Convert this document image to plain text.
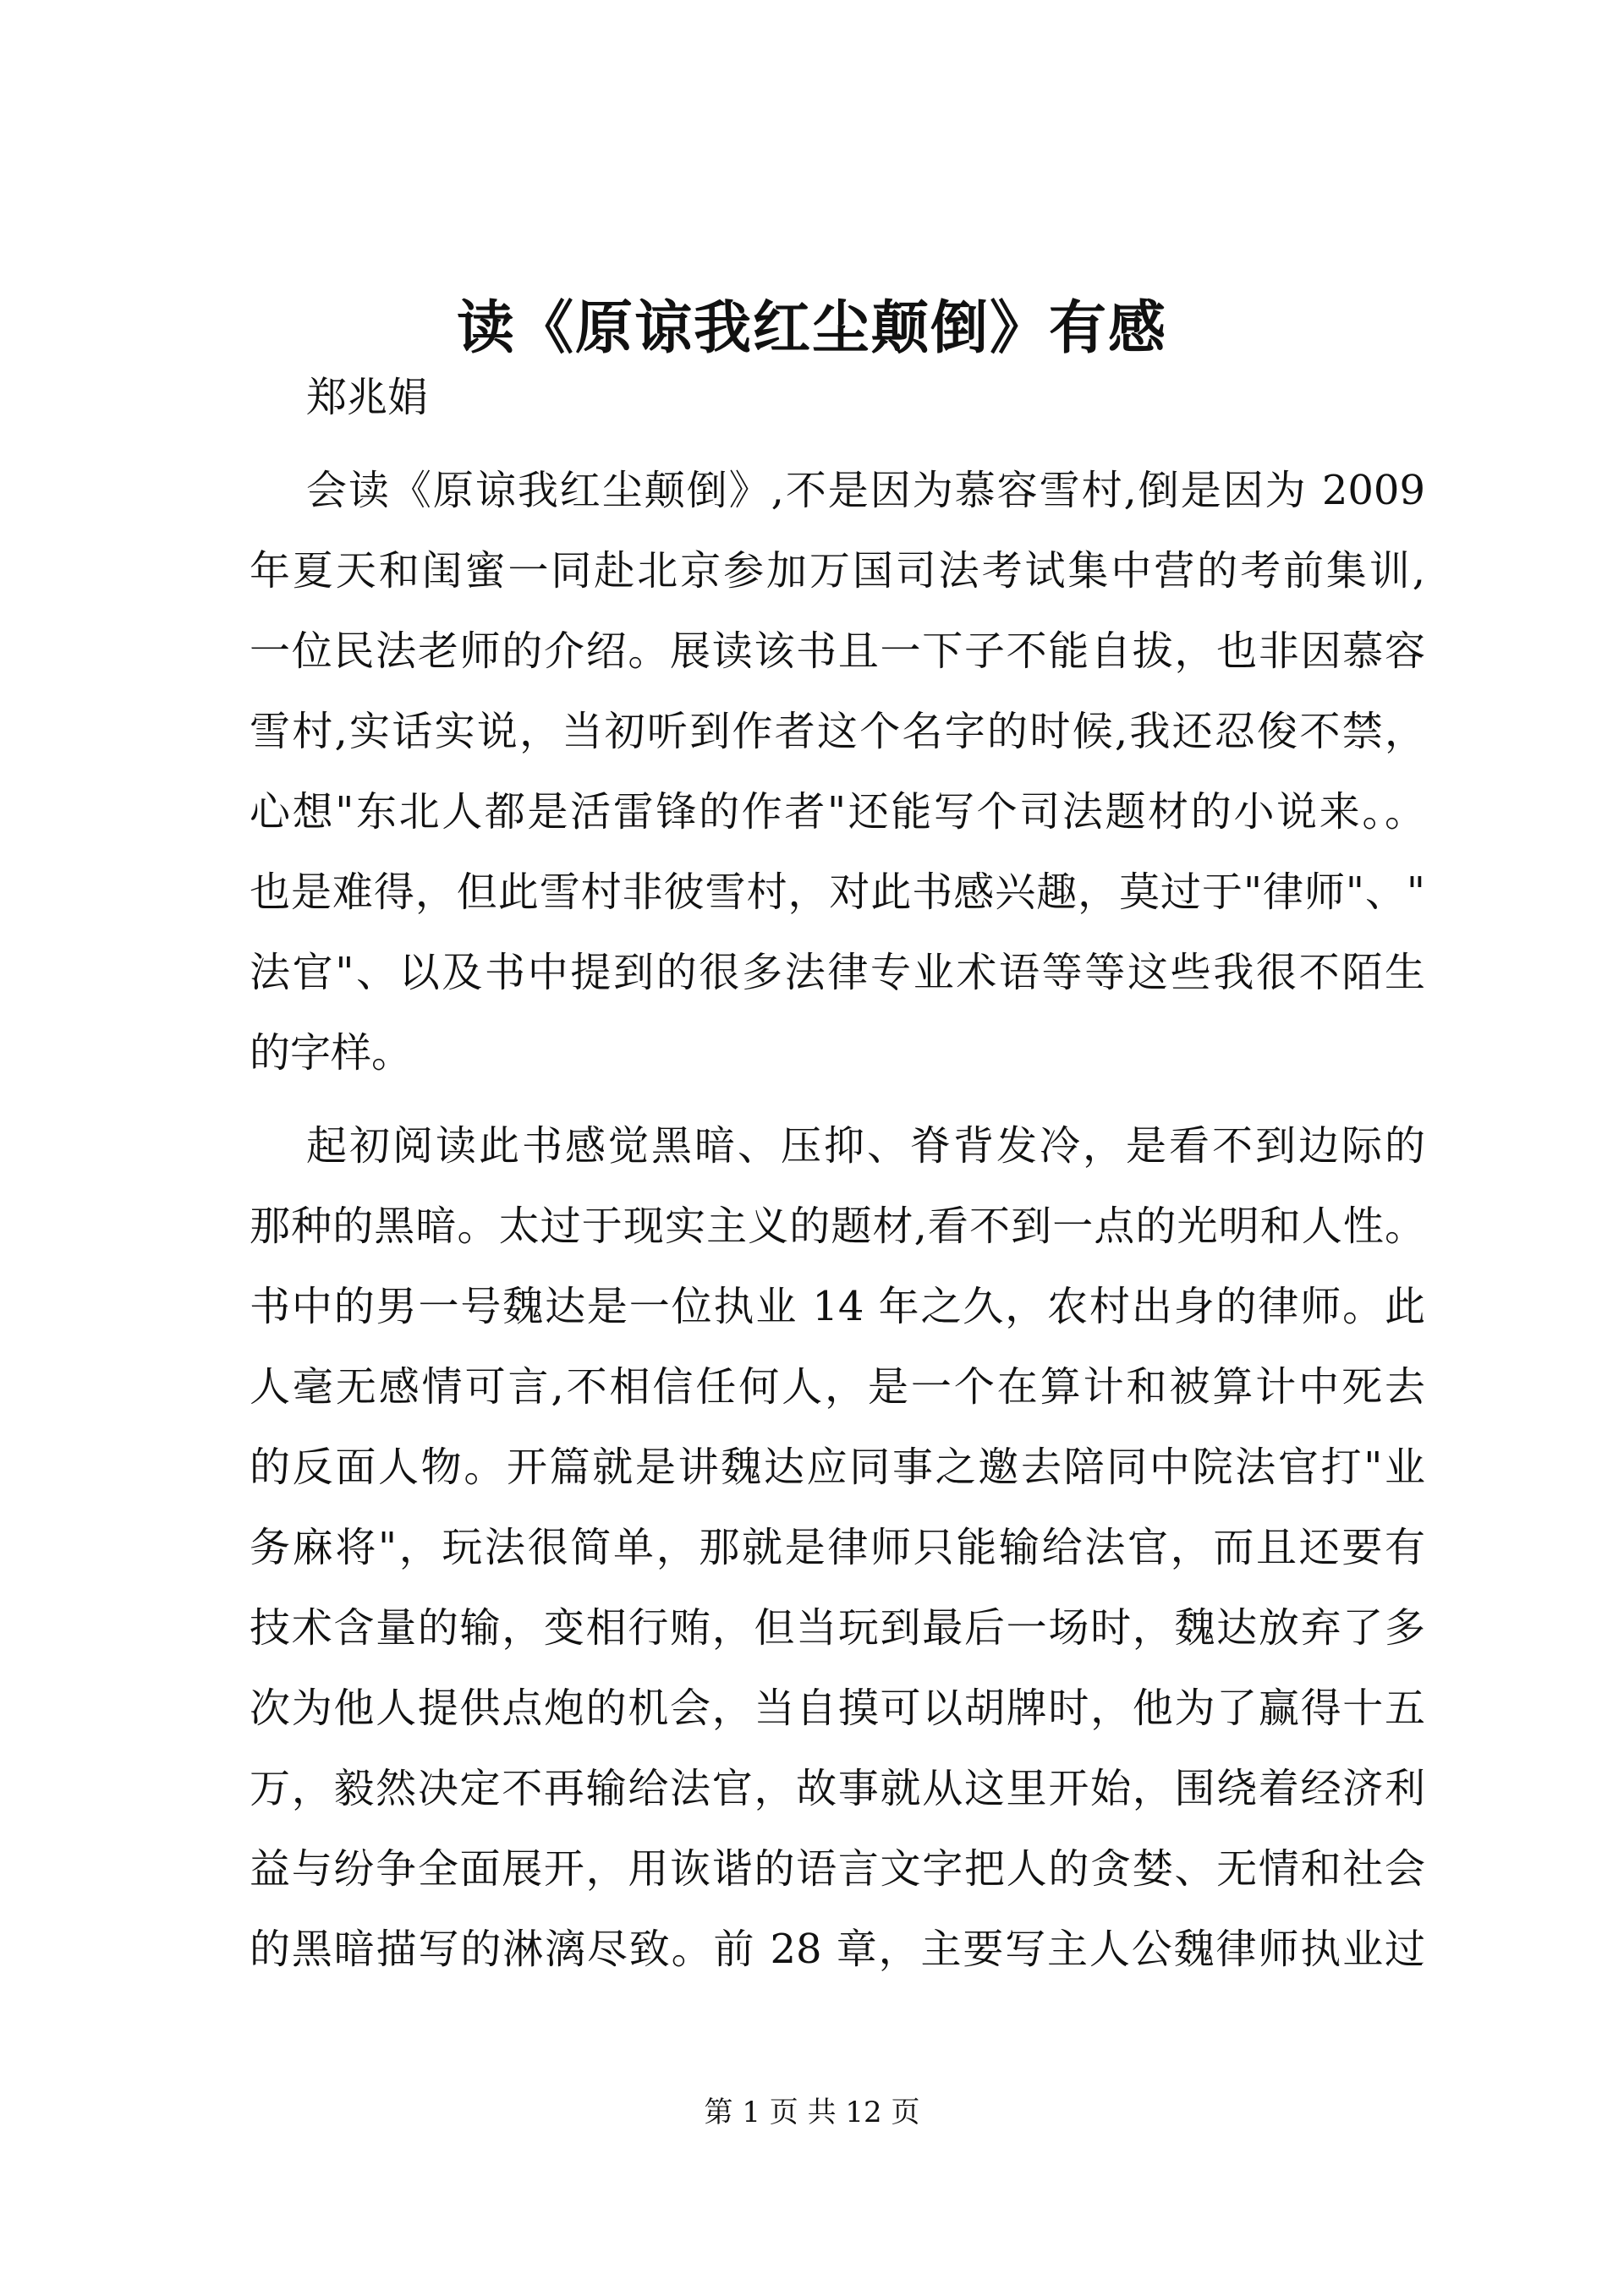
读《原谅我红尘颠倒》有感

郑兆娟

会读《原谅我红尘颠倒》,不是因为慕容雪村,倒是因为 2009
年夏天和闺蜜一同赴北京参加万国司法考试集中营的考前集训,
一位民法老师的介绍。展读该书且一下子不能自拔，也非因慕容
雪村,实话实说，当初听到作者这个名字的时候,我还忍俊不禁，
心想"东北人都是活雷锋的作者"还能写个司法题材的小说来。。
也是难得，但此雪村非彼雪村，对此书感兴趣，莫过于"律师"、"
法官"、以及书中提到的很多法律专业术语等等这些我很不陌生
的字样。
起初阅读此书感觉黑暗、压抑、脊背发冷，是看不到边际的
那种的黑暗。太过于现实主义的题材,看不到一点的光明和人性。
书中的男一号魏达是一位执业 14 年之久，农村出身的律师。此
人毫无感情可言,不相信任何人，是一个在算计和被算计中死去
的反面人物。开篇就是讲魏达应同事之邀去陪同中院法官打"业
务麻将"，玩法很简单，那就是律师只能输给法官，而且还要有
技术含量的输，变相行贿，但当玩到最后一场时，魏达放弃了多
次为他人提供点炮的机会，当自摸可以胡牌时，他为了赢得十五
万，毅然决定不再输给法官，故事就从这里开始，围绕着经济利
益与纷争全面展开，用诙谐的语言文字把人的贪婪、无情和社会
的黑暗描写的淋漓尽致。前 28 章，主要写主人公魏律师执业过
第 1 页 共 12 页
